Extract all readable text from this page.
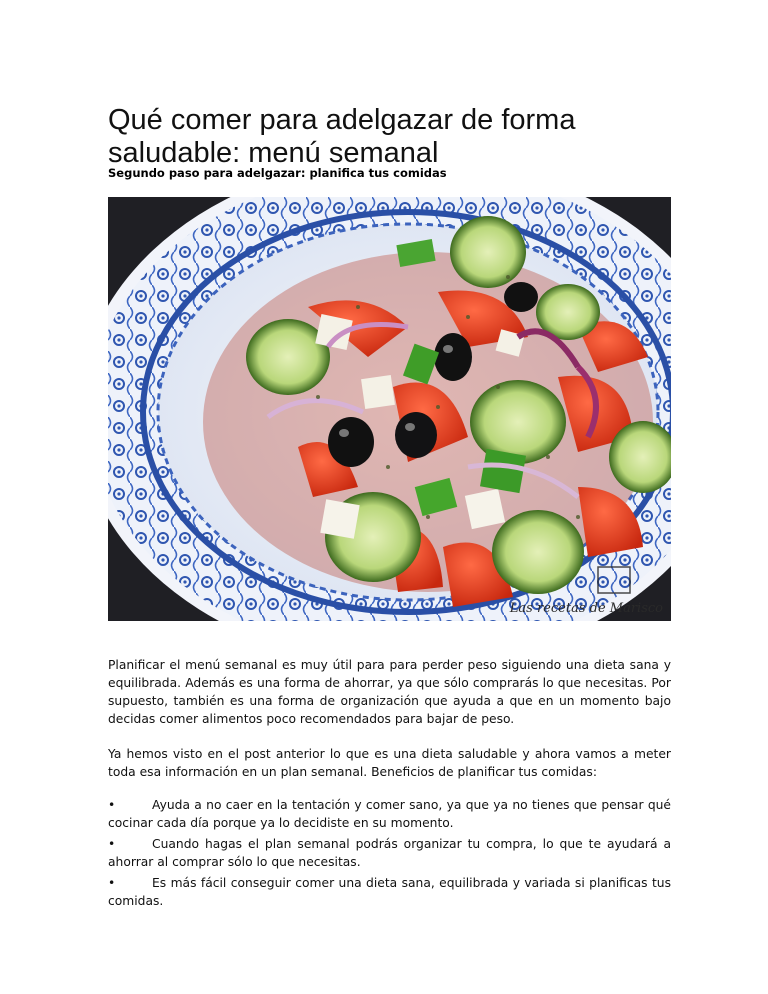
Qué comer para adelgazar de forma saludable: menú semanal

Segundo paso para adelgazar: planifica tus comidas

Las recetas de Marisco

Planificar el menú semanal es muy útil para para perder peso siguiendo una dieta sana y equilibrada. Además es una forma de ahorrar, ya que sólo comprarás lo que necesitas. Por supuesto, también es una forma de organización que ayuda a que en un momento bajo decidas comer alimentos poco recomendados para bajar de peso.

Ya hemos visto en el post anterior lo que es una dieta saludable y ahora vamos a meter toda esa información en un plan semanal. Beneficios de planificar tus comidas:

•	Ayuda a no caer en la tentación y comer sano, ya que ya no tienes que pensar qué cocinar cada día porque ya lo decidiste en su momento.
•	Cuando hagas el plan semanal podrás organizar tu compra, lo que te ayudará a ahorrar al comprar sólo lo que necesitas.
•	Es más fácil conseguir comer una dieta sana, equilibrada y variada si planificas tus comidas.
